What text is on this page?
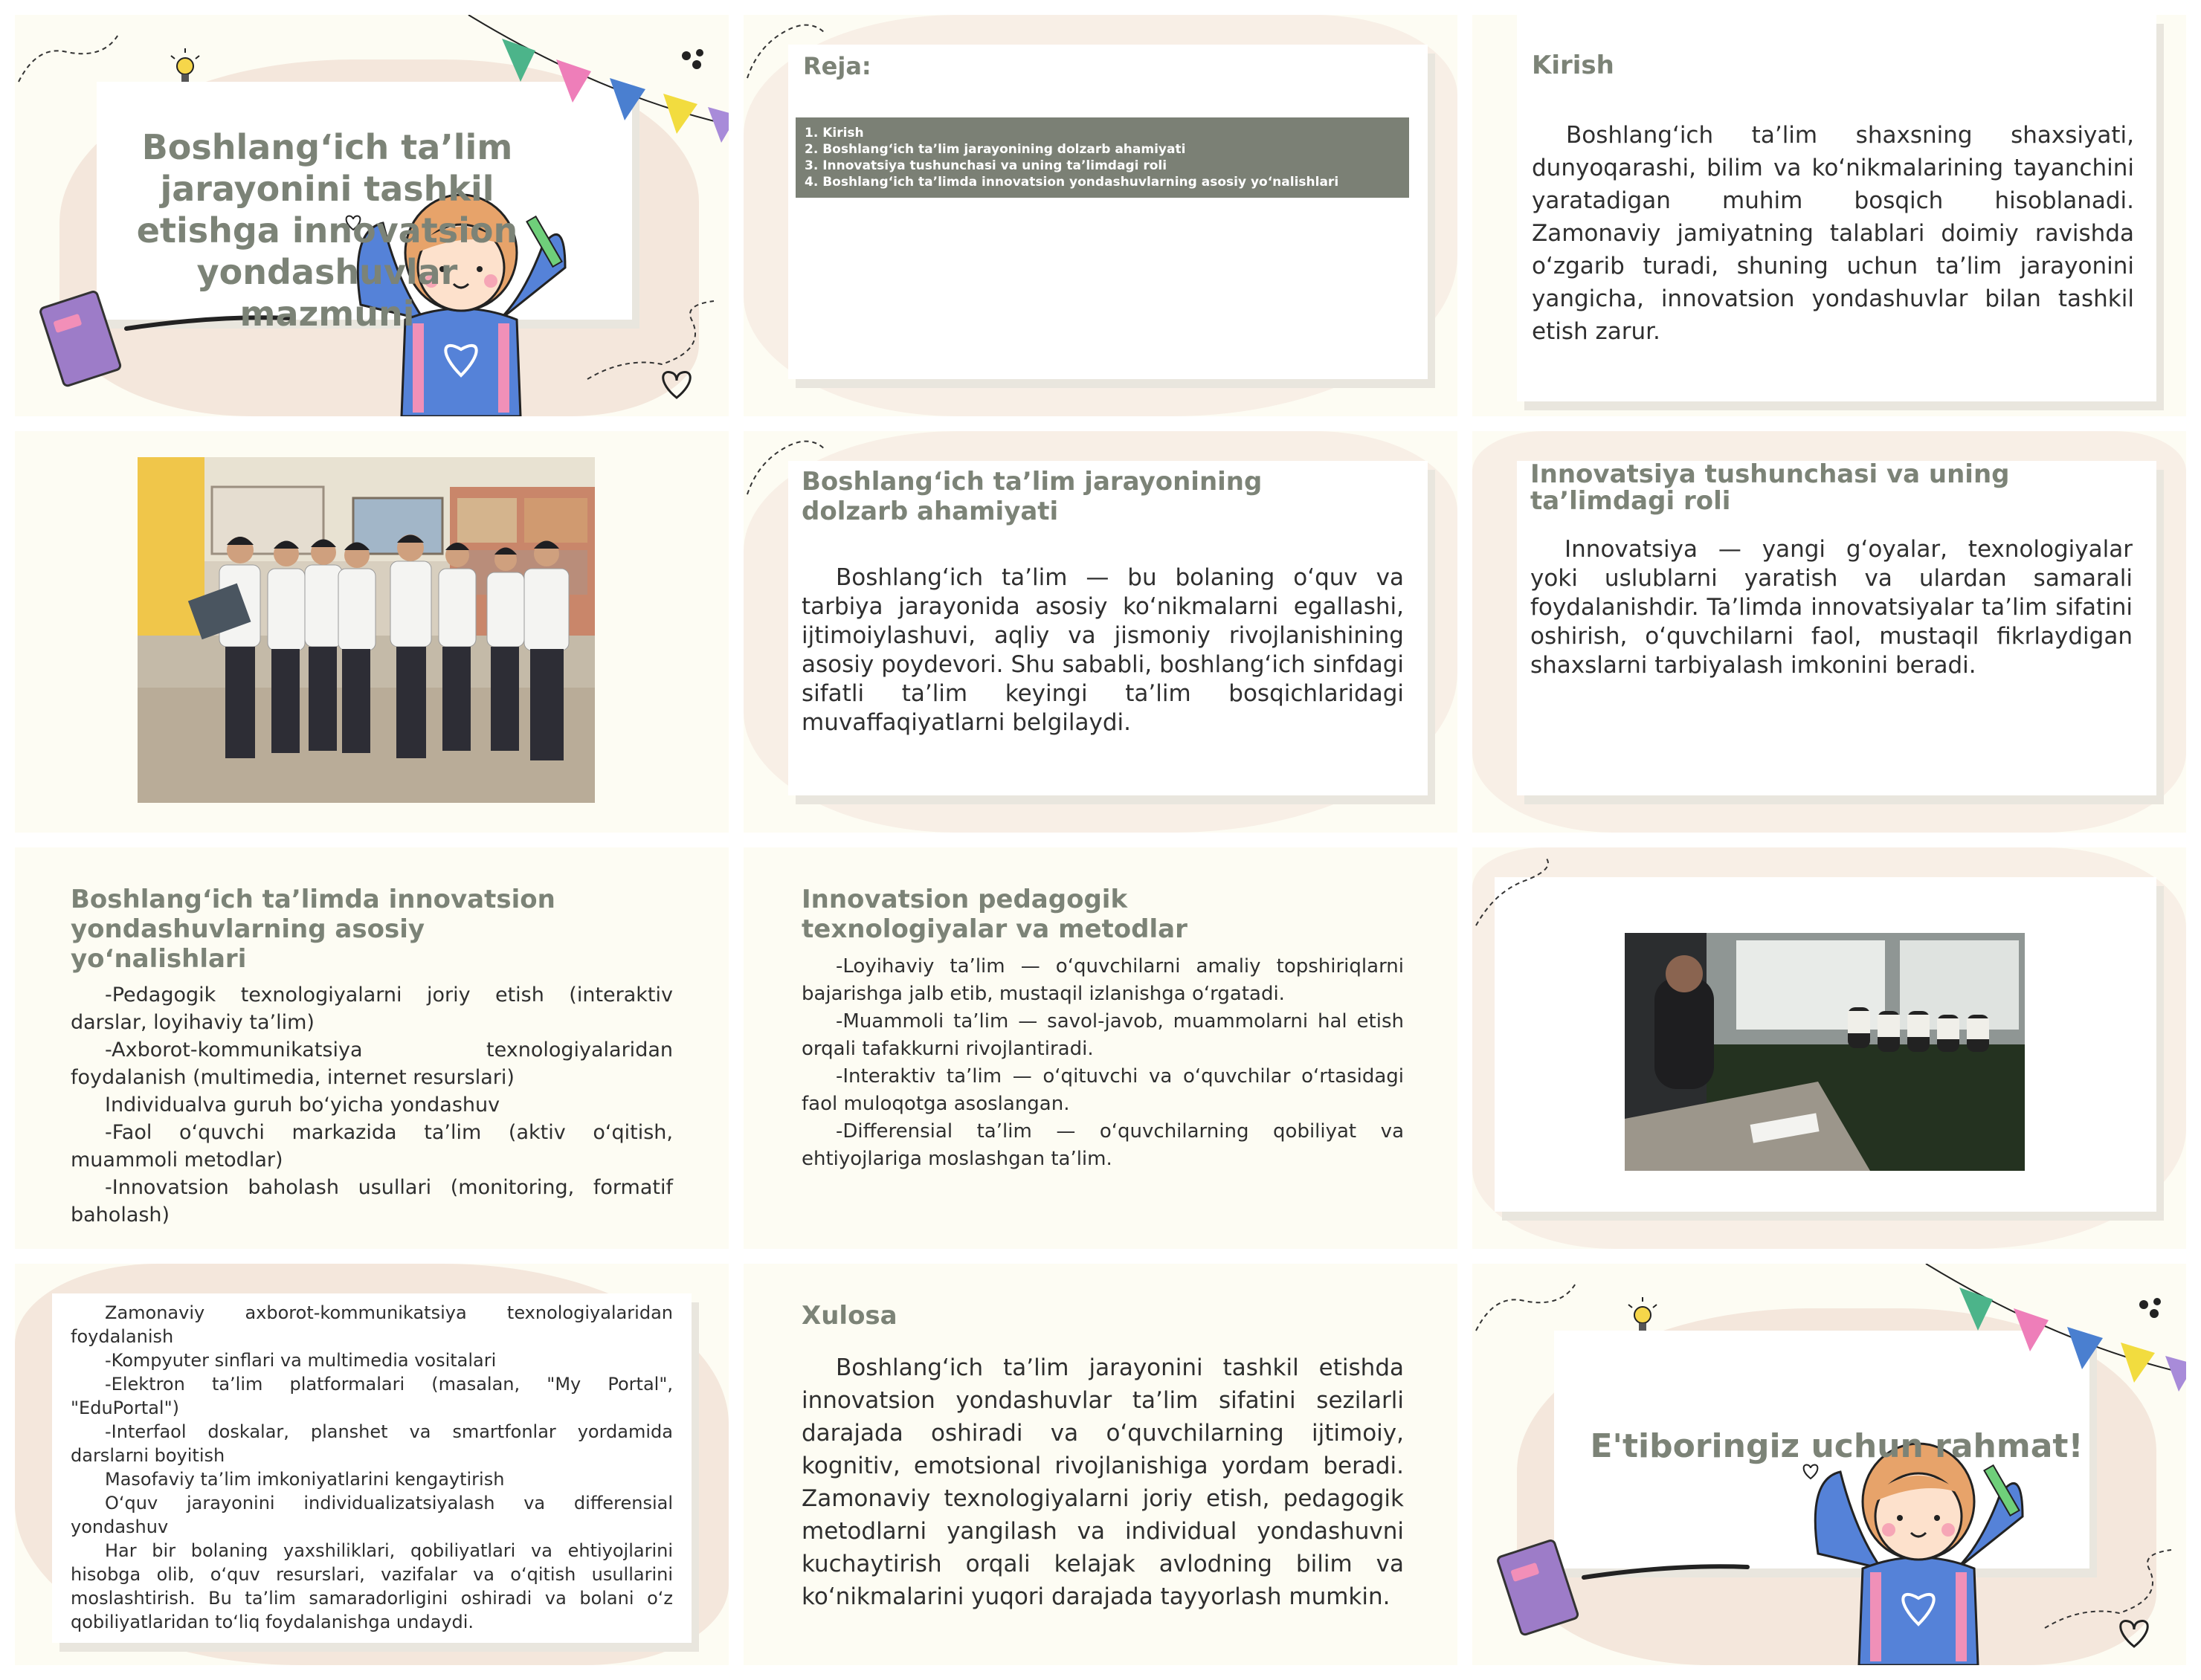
Boshlang‘ich ta’lim jarayonini tashkil etishga innovatsion yondashuvlar mazmuni
Reja:
1. Kirish
2. Boshlang‘ich ta’lim jarayonining dolzarb ahamiyati
3. Innovatsiya tushunchasi va uning ta’limdagi roli
4. Boshlang‘ich ta’limda innovatsion yondashuvlarning asosiy yo‘nalishlari
Kirish

Boshlang‘ich ta’lim shaxsning shaxsiyati, dunyoqarashi, bilim va ko‘nikmalarining tayanchini yaratadigan muhim bosqich hisoblanadi. Zamonaviy jamiyatning talablari doimiy ravishda o‘zgarib turadi, shuning uchun ta’lim jarayonini yangicha, innovatsion yondashuvlar bilan tashkil etish zarur.

Boshlang‘ich ta’lim jarayonining dolzarb ahamiyati

Boshlang‘ich ta’lim — bu bolaning o‘quv va tarbiya jarayonida asosiy ko‘nikmalarni egallashi, ijtimoiylashuvi, aqliy va jismoniy rivojlanishining asosiy poydevori. Shu sababli, boshlang‘ich sinfdagi sifatli ta’lim keyingi ta’lim bosqichlaridagi muvaffaqiyatlarni belgilaydi.

Innovatsiya tushunchasi va uning ta’limdagi roli

Innovatsiya — yangi g‘oyalar, texnologiyalar yoki uslublarni yaratish va ulardan samarali foydalanishdir. Ta’limda innovatsiyalar ta’lim sifatini oshirish, o‘quvchilarni faol, mustaqil fikrlaydigan shaxslarni tarbiyalash imkonini beradi.

Boshlang‘ich ta’limda innovatsion yondashuvlarning asosiy yo‘nalishlari

-Pedagogik texnologiyalarni joriy etish (interaktiv darslar, loyihaviy ta’lim)

-Axborot-kommunikatsiya texnologiyalaridan foydalanish (multimedia, internet resurslari)

Individualva guruh bo‘yicha yondashuv

-Faol o‘quvchi markazida ta’lim (aktiv o‘qitish, muammoli metodlar)

-Innovatsion baholash usullari (monitoring, formatif baholash)

Innovatsion pedagogik texnologiyalar va metodlar

-Loyihaviy ta’lim — o‘quvchilarni amaliy topshiriqlarni bajarishga jalb etib, mustaqil izlanishga o‘rgatadi.

-Muammoli ta’lim — savol-javob, muammolarni hal etish orqali tafakkurni rivojlantiradi.

-Interaktiv ta’lim — o‘qituvchi va o‘quvchilar o‘rtasidagi faol muloqotga asoslangan.

-Differensial ta’lim — o‘quvchilarning qobiliyat va ehtiyojlariga moslashgan ta’lim.

Zamonaviy axborot-kommunikatsiya texnologiyalaridan foydalanish

-Kompyuter sinflari va multimedia vositalari

-Elektron ta’lim platformalari (masalan, "My Portal", "EduPortal")

-Interfaol doskalar, planshet va smartfonlar yordamida darslarni boyitish

Masofaviy ta’lim imkoniyatlarini kengaytirish

O‘quv jarayonini individualizatsiyalash va differensial yondashuv

Har bir bolaning yaxshiliklari, qobiliyatlari va ehtiyojlarini hisobga olib, o‘quv resurslari, vazifalar va o‘qitish usullarini moslashtirish. Bu ta’lim samaradorligini oshiradi va bolani o‘z qobiliyatlaridan to‘liq foydalanishga undaydi.

Xulosa

Boshlang‘ich ta’lim jarayonini tashkil etishda innovatsion yondashuvlar ta’lim sifatini sezilarli darajada oshiradi va o‘quvchilarning ijtimoiy, kognitiv, emotsional rivojlanishiga yordam beradi. Zamonaviy texnologiyalarni joriy etish, pedagogik metodlarni yangilash va individual yondashuvni kuchaytirish orqali kelajak avlodning bilim va ko‘nikmalarini yuqori darajada tayyorlash mumkin.

E'tiboringiz uchun rahmat!
